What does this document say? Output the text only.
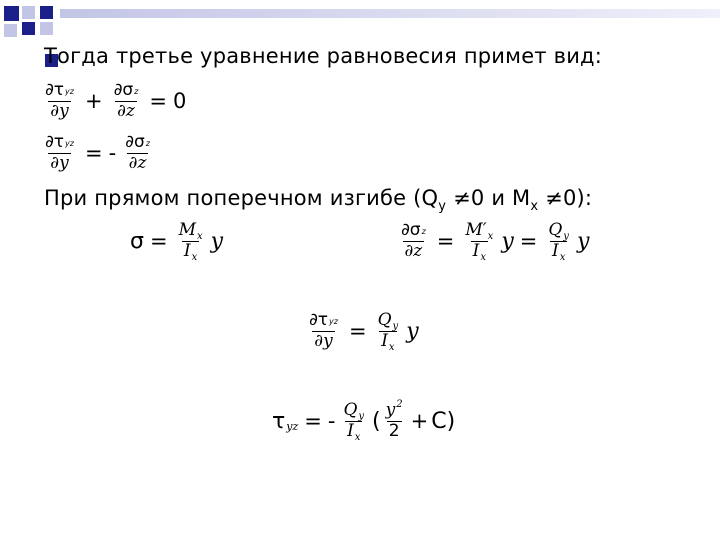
Тогда третье уравнение равновесия примет вид:
$\frac{\text{∂τyz}}{\partial y} + \frac{\partial\sigma z}{\partial z} = 0$
$\frac{\text{∂τyz}}{\partial y}$ = - $\frac{\partial\sigma z}{\partial z}$
При прямом поперечном изгибе ($Q_y \ne 0$ и $M_x \ne 0$):
$\sigma = \frac{M_x}{I_x}$ y	$\frac{\partial\sigma z}{\partial z} = \frac{M'_x}{I_x}$ $y = \frac{Q_y}{I_x}$ y
$\frac{\text{∂τyz}}{\partial y} = \frac{Q_y}{I_x}$ y
τ yz = - $\frac{Q_y}{I_x}$ ( $\frac{y^2}{2} + С$ )
